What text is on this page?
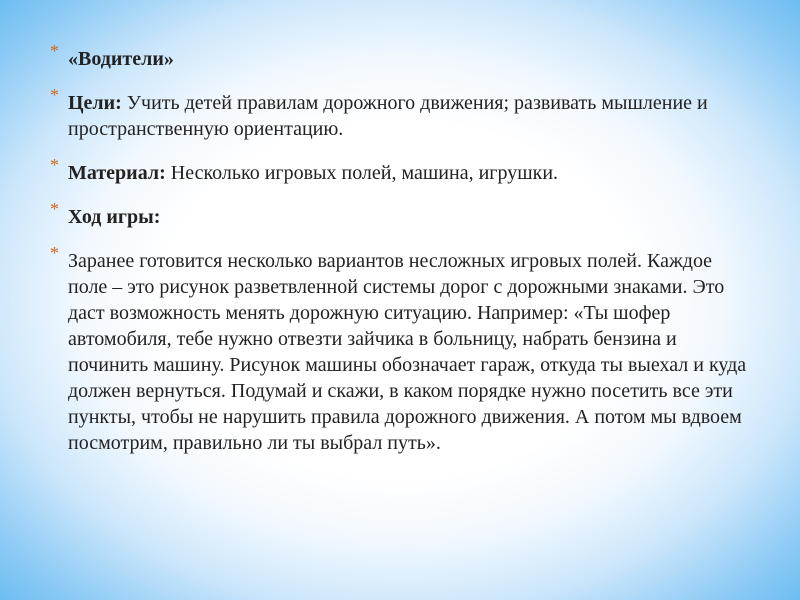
* «Водители»
* Цели: Учить детей правилам дорожного движения; развивать мышление и пространственную ориентацию.
* Материал: Несколько игровых полей, машина, игрушки.
* Ход игры:
* Заранее готовится несколько вариантов несложных игровых полей. Каждое поле – это рисунок разветвленной системы дорог с дорожными знаками. Это даст возможность менять дорожную ситуацию. Например: «Ты шофер автомобиля, тебе нужно отвезти зайчика в больницу, набрать бензина и починить машину. Рисунок машины обозначает гараж, откуда ты выехал и куда должен вернуться. Подумай и скажи, в каком порядке нужно посетить все эти пункты, чтобы не нарушить правила дорожного движения. А потом мы вдвоем посмотрим, правильно ли ты выбрал путь».
